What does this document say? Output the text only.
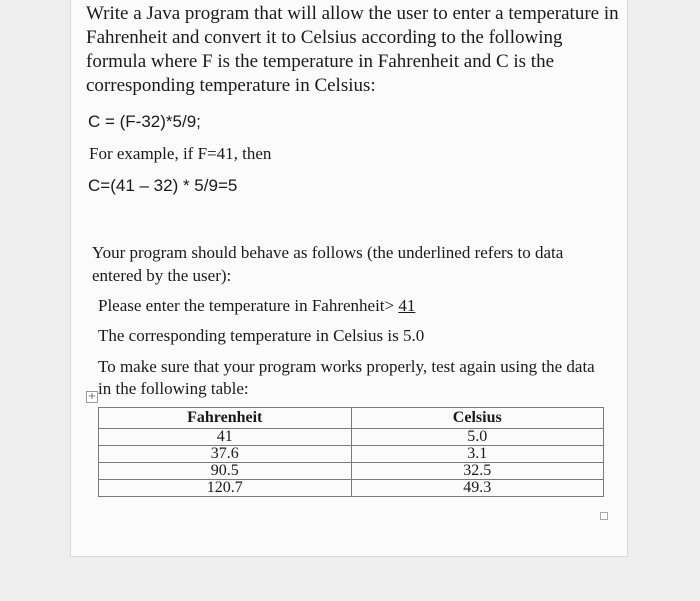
Write a Java program that will allow the user to enter a temperature in Fahrenheit and convert it to Celsius according to the following formula where F is the temperature in Fahrenheit and C is the corresponding temperature in Celsius:

C = (F-32)*5/9;
For example, if F=41, then
C=(41 – 32) * 5/9=5

Your program should behave as follows (the underlined refers to data entered by the user):

Please enter the temperature in Fahrenheit> 41
The corresponding temperature in Celsius is 5.0

To make sure that your program works properly, test again using the data in the following table:

+
Fahrenheit	Celsius
41	5.0
37.6	3.1
90.5	32.5
120.7	49.3
